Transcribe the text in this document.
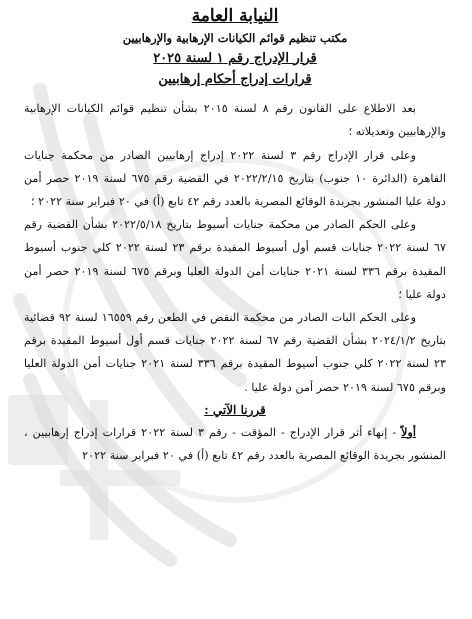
النيابة العامة

مكتب تنظيم قوائم الكيانات الإرهابية والإرهابيين

قرار الإدراج رقم ١ لسنة ٢٠٢٥

قرارات إدراج أحكام إرهابيين

بعد الاطلاع على القانون رقم ٨ لسنة ٢٠١٥ بشأن تنظيم قوائم الكيانات الإرهابية والإرهابيين وتعديلاته ؛

وعلى قرار الإدراج رقم ٣ لسنة ٢٠٢٢ إدراج إرهابيين الصادر من محكمة جنايات القاهرة (الدائرة ١٠ جنوب) بتاريخ ٢٠٢٢/٢/١٥ في القضية رقم ٦٧٥ لسنة ٢٠١٩ حصر أمن دولة عليا المنشور بجريدة الوقائع المصرية بالعدد رقم ٤٢ تابع (أ) في ٢٠ فبراير سنة ٢٠٢٢ ؛

وعلى الحكم الصادر من محكمة جنايات أسيوط بتاريخ ٢٠٢٢/٥/١٨ بشأن القضية رقم ٦٧ لسنة ٢٠٢٢ جنايات قسم أول أسيوط المقيدة برقم ٢٣ لسنة ٢٠٢٢ كلي جنوب أسيوط المقيدة برقم ٣٣٦ لسنة ٢٠٢١ جنايات أمن الدولة العليا وبرقم ٦٧٥ لسنة ٢٠١٩ حصر أمن دولة عليا ؛

وعلى الحكم البات الصادر من محكمة النقض في الطعن رقم ١٦٥٥٩ لسنة ٩٢ قضائية بتاريخ ٢٠٢٤/١/٢ بشأن القضية رقم ٦٧ لسنة ٢٠٢٢ جنايات قسم أول أسيوط المقيدة برقم ٢٣ لسنة ٢٠٢٢ كلي جنوب أسيوط المقيدة برقم ٣٣٦ لسنة ٢٠٢١ جنايات أمن الدولة العليا وبرقم ٦٧٥ لسنة ٢٠١٩ حصر أمن دولة عليا .

قررنا الآتي :

أولاً - إنهاء أثر قرار الإدراج - المؤقت - رقم ٣ لسنة ٢٠٢٢ قرارات إدراج إرهابيين ، المنشور بجريدة الوقائع المصرية بالعدد رقم ٤٢ تابع (أ) في ٢٠ فبراير سنة ٢٠٢٢
